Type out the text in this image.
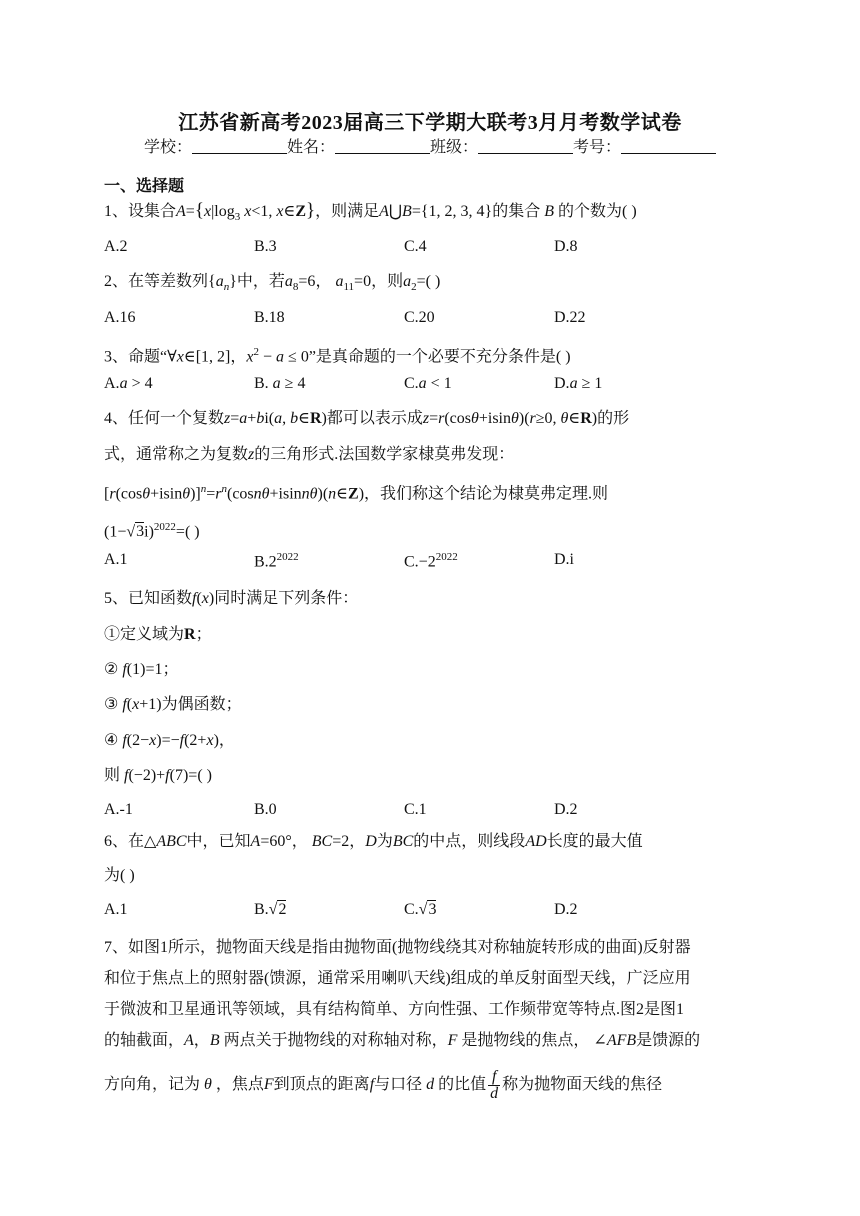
江苏省新高考2023届高三下学期大联考3月月考数学试卷
学校：	姓名：	班级：	考号：
一、选择题
1、设集合$A=\{x|\log_3$ x<1, x∈Z}，则满足A⋃B={1, 2, 3, 4}的集合 B 的个数为( )
A.2	B.3	C.4	D.8
2、在等差数列$\{a_n\}$中，若$a_8=6$， $a_{11}=0$，则$a_2=$( )
A.16	B.18	C.20	D.22
3、命题“∀x∈[1, 2]，$x^2 - a \le 0$”是真命题的一个必要不充分条件是( )
A.a > 4	B. a ≥ 4	C.a < 1	D.a ≥ 1
4、任何一个复数z=a+bi(a, b∈R)都可以表示成z=r(cosθ+isinθ)(r≥0, θ∈R)的形
式，通常称之为复数z的三角形式.法国数学家棣莫弗发现：
$[r(\cos\theta+isin\theta)]^n=r^n(\cos n\theta+isinn\theta)(n\in Z)$，我们称这个结论为棣莫弗定理.则
$(1-√3i)^{2022}=$( )
A.1	$B.2^{2022}$	$C.-2^{2022}$	D.i
5、已知函数f(x)同时满足下列条件：
①定义域为R；
② f(1)=1；
③ f(x+1)为偶函数；
④ f(2−x)=−f(2+x)，
则 f(−2)+f(7)=( )
A.-1	B.0	C.1	D.2
6、在△ABC中，已知A=60°， BC=2，D为BC的中点，则线段AD长度的最大值
为( )
A.1	B.√2	C.√3	D.2
7、如图1所示，抛物面天线是指由抛物面(抛物线绕其对称轴旋转形成的曲面)反射器
和位于焦点上的照射器(馈源，通常采用喇叭天线)组成的单反射面型天线，广泛应用
于微波和卫星通讯等领域，具有结构简单、方向性强、工作频带宽等特点.图2是图1
的轴截面，A，B 两点关于抛物线的对称轴对称，F 是抛物线的焦点， ∠AFB是馈源的
方向角，记为 θ ，焦点F到顶点的距离f与口径 d 的比值 $\frac{f}{d}$ 称为抛物面天线的焦径
